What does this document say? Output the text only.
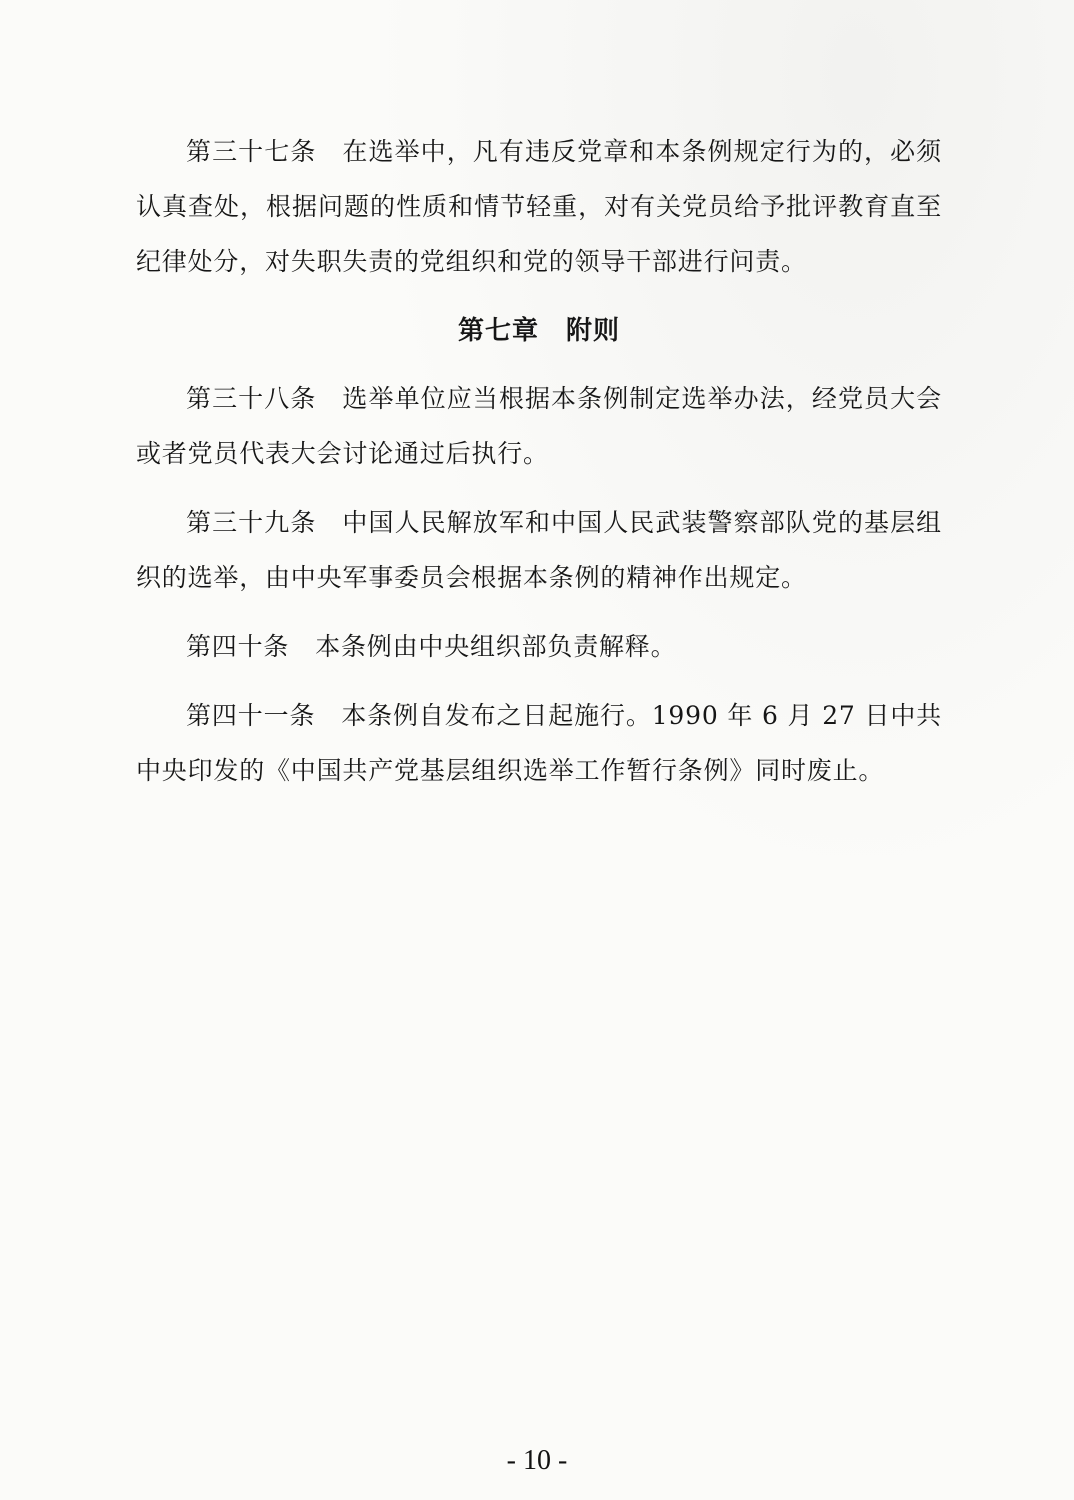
第三十七条 在选举中，凡有违反党章和本条例规定行为的，必须认真查处，根据问题的性质和情节轻重，对有关党员给予批评教育直至纪律处分，对失职失责的党组织和党的领导干部进行问责。

第七章　附则

第三十八条 选举单位应当根据本条例制定选举办法，经党员大会或者党员代表大会讨论通过后执行。

第三十九条 中国人民解放军和中国人民武装警察部队党的基层组织的选举，由中央军事委员会根据本条例的精神作出规定。

第四十条 本条例由中央组织部负责解释。

第四十一条 本条例自发布之日起施行。1990 年 6 月 27 日中共中央印发的《中国共产党基层组织选举工作暂行条例》同时废止。

- 10 -
